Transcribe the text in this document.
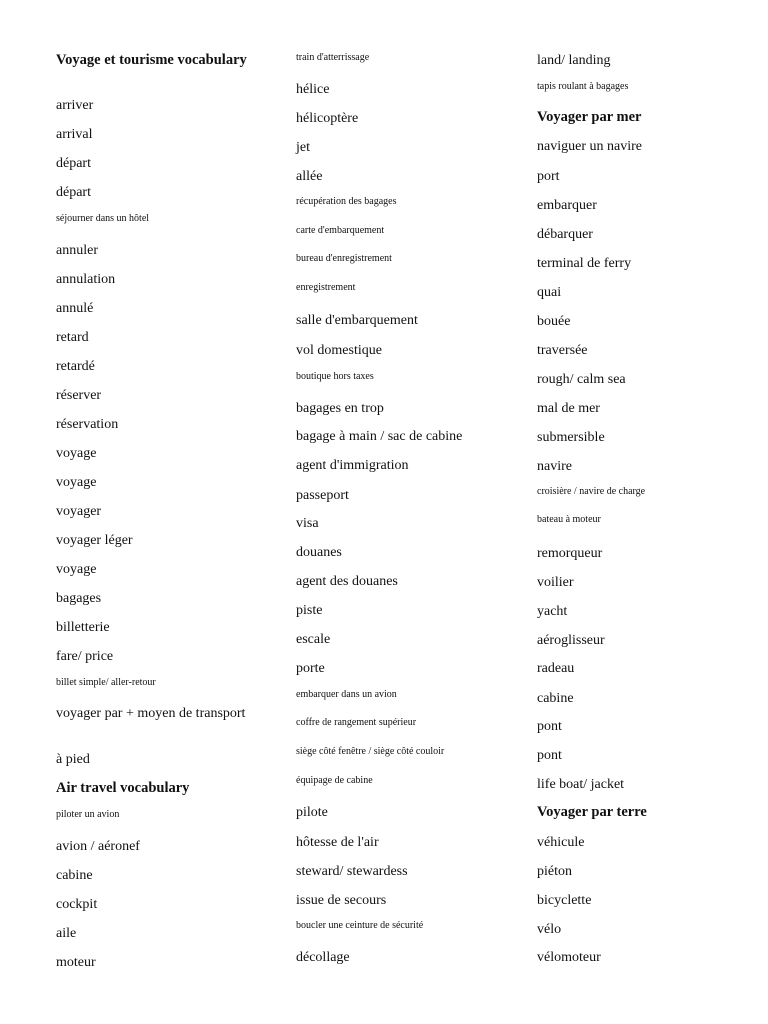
Voyage et tourisme vocabulary
arriver
arrival
départ
départ
séjourner dans un hôtel
annuler
annulation
annulé
retard
retardé
réserver
réservation
voyage
voyage
voyager
voyager léger
voyage
bagages
billetterie
fare/ price
billet simple/ aller-retour
voyager par + moyen de transport
à pied
Air travel vocabulary
piloter un avion
avion / aéronef
cabine
cockpit
aile
moteur
train d'atterrissage
hélice
hélicoptère
jet
allée
récupération des bagages
carte d'embarquement
bureau d'enregistrement
enregistrement
salle d'embarquement
vol domestique
boutique hors taxes
bagages en trop
bagage à main / sac de cabine
agent d'immigration
passeport
visa
douanes
agent des douanes
piste
escale
porte
embarquer dans un avion
coffre de rangement supérieur
siège côté fenêtre / siège côté couloir
équipage de cabine
pilote
hôtesse de l'air
steward/ stewardess
issue de secours
boucler une ceinture de sécurité
décollage
land/ landing
tapis roulant à bagages
Voyager par mer
naviguer un navire
port
embarquer
débarquer
terminal de ferry
quai
bouée
traversée
rough/ calm sea
mal de mer
submersible
navire
croisière / navire de charge
bateau à moteur
remorqueur
voilier
yacht
aéroglisseur
radeau
cabine
pont
pont
life boat/ jacket
Voyager par terre
véhicule
piéton
bicyclette
vélo
vélomoteur
